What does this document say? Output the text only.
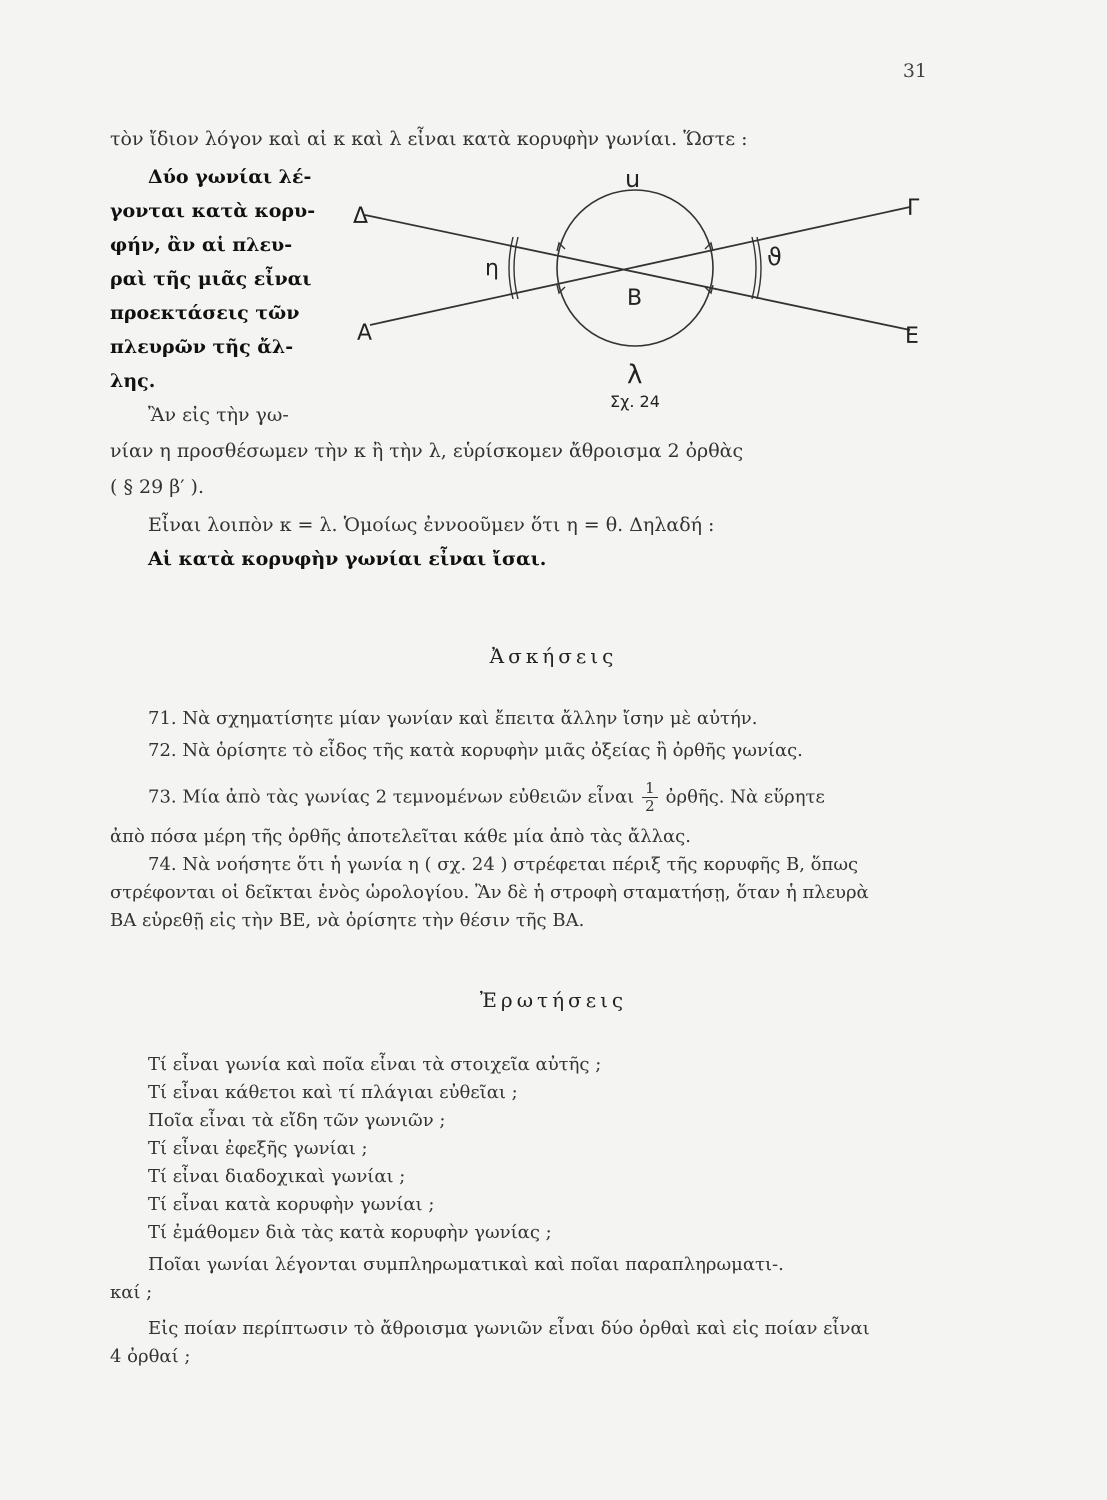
31
τὸν ἴδιον λόγον καὶ αἱ κ καὶ λ εἶναι κατὰ κορυφὴν γωνίαι. Ὥστε :
Δύο γωνίαι λέ-
γονται κατὰ κορυ-
φήν, ἂν αἱ πλευ-
ραὶ τῆς μιᾶς εἶναι
προεκτάσεις τῶν
πλευρῶν τῆς ἄλ-
λης.
u
λ
Β
η	ϑ
Δ
Α
Γ
Ε
Σχ. 24
Ἂν εἰς τὴν γω-
νίαν η προσθέσωμεν τὴν κ ἢ τὴν λ, εὑρίσκομεν ἄθροισμα 2 ὀρθὰς
( § 29 β′ ).
Εἶναι λοιπὸν κ = λ. Ὁμοίως ἐννοοῦμεν ὅτι η = θ. Δηλαδή :
Αἱ κατὰ κορυφὴν γωνίαι εἶναι ἴσαι.
Ἀσκήσεις
71. Νὰ σχηματίσητε μίαν γωνίαν καὶ ἔπειτα ἄλλην ἴσην μὲ αὐτήν.
72. Νὰ ὁρίσητε τὸ εἶδος τῆς κατὰ κορυφὴν μιᾶς ὀξείας ἢ ὀρθῆς γωνίας.
73. Μία ἀπὸ τὰς γωνίας 2 τεμνομένων εὐθειῶν εἶναι $\frac{1}{2}$ ὀρθῆς. Νὰ εὕρητε
ἀπὸ πόσα μέρη τῆς ὀρθῆς ἀποτελεῖται κάθε μία ἀπὸ τὰς ἄλλας.
74. Νὰ νοήσητε ὅτι ἡ γωνία η ( σχ. 24 ) στρέφεται πέριξ τῆς κορυφῆς Β, ὅπως
στρέφονται οἱ δεῖκται ἑνὸς ὡρολογίου. Ἂν δὲ ἡ στροφὴ σταματήσῃ, ὅταν ἡ πλευρὰ
ΒΑ εὑρεθῇ εἰς τὴν ΒΕ, νὰ ὁρίσητε τὴν θέσιν τῆς ΒΑ.
Ἐρωτήσεις
Τί εἶναι γωνία καὶ ποῖα εἶναι τὰ στοιχεῖα αὐτῆς ;
Τί εἶναι κάθετοι καὶ τί πλάγιαι εὐθεῖαι ;
Ποῖα εἶναι τὰ εἴδη τῶν γωνιῶν ;
Τί εἶναι ἐφεξῆς γωνίαι ;
Τί εἶναι διαδοχικαὶ γωνίαι ;
Τί εἶναι κατὰ κορυφὴν γωνίαι ;
Τί ἐμάθομεν διὰ τὰς κατὰ κορυφὴν γωνίας ;
Ποῖαι γωνίαι λέγονται συμπληρωματικαὶ καὶ ποῖαι παραπληρωματι-.
καί ;
Εἰς ποίαν περίπτωσιν τὸ ἄθροισμα γωνιῶν εἶναι δύο ὀρθαὶ καὶ εἰς ποίαν εἶναι
4 ὀρθαί ;
